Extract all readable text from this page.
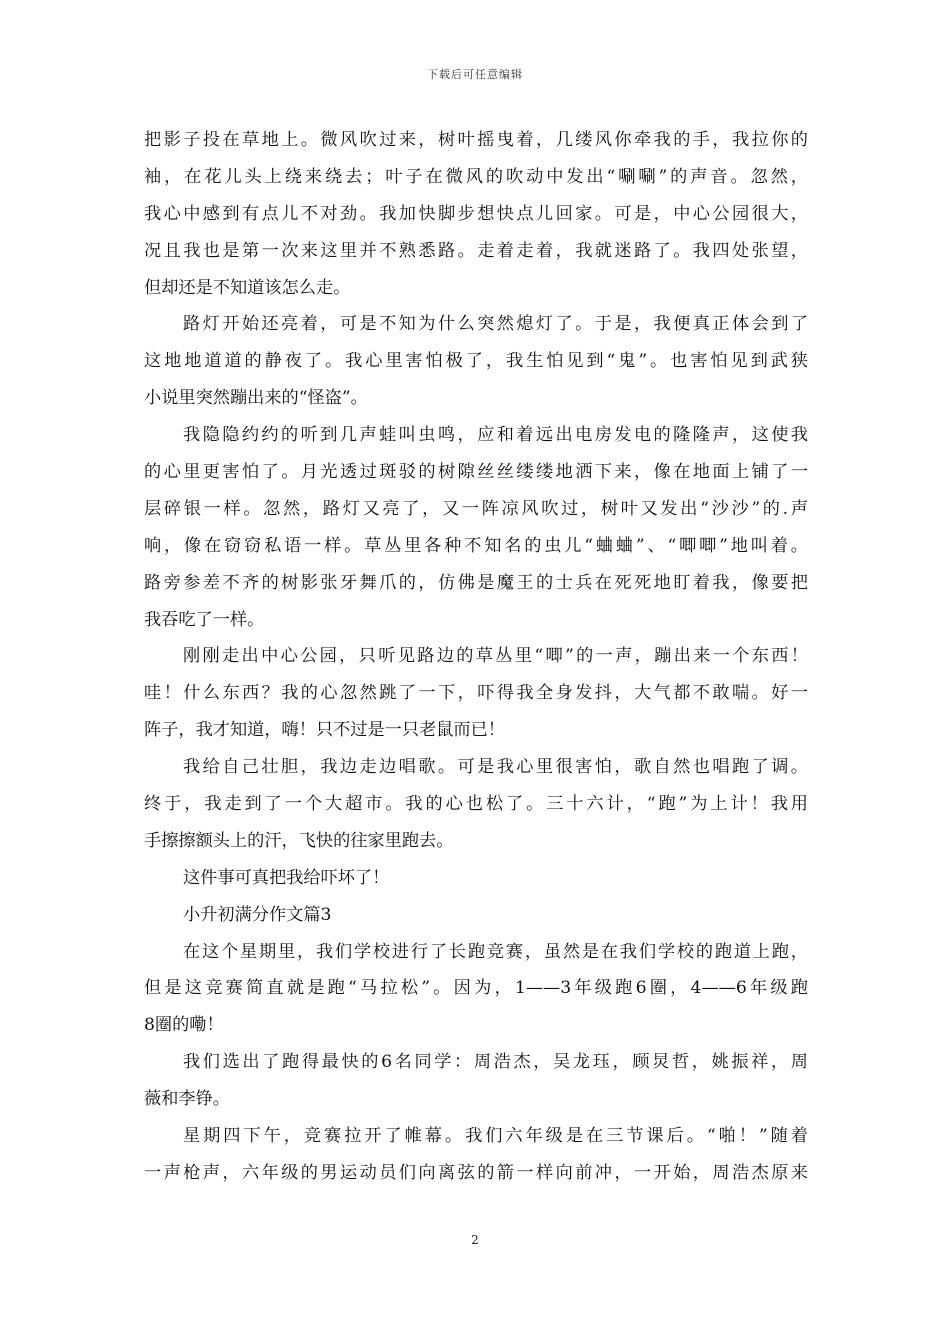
下载后可任意编辑
把影子投在草地上。微风吹过来，树叶摇曳着，几缕风你牵我的手，我拉你的
袖，在花儿头上绕来绕去；叶子在微风的吹动中发出“唰唰”的声音。忽然，
我心中感到有点儿不对劲。我加快脚步想快点儿回家。可是，中心公园很大，
况且我也是第一次来这里并不熟悉路。走着走着，我就迷路了。我四处张望，
但却还是不知道该怎么走。
路灯开始还亮着，可是不知为什么突然熄灯了。于是，我便真正体会到了
这地地道道的静夜了。我心里害怕极了，我生怕见到“鬼”。也害怕见到武狭
小说里突然蹦出来的“怪盗”。
我隐隐约约的听到几声蛙叫虫鸣，应和着远出电房发电的隆隆声，这使我
的心里更害怕了。月光透过斑驳的树隙丝丝缕缕地洒下来，像在地面上铺了一
层碎银一样。忽然，路灯又亮了，又一阵凉风吹过，树叶又发出“沙沙”的.声
响，像在窃窃私语一样。草丛里各种不知名的虫儿“蛐蛐”、“唧唧”地叫着。
路旁参差不齐的树影张牙舞爪的，仿佛是魔王的士兵在死死地盯着我，像要把
我吞吃了一样。
刚刚走出中心公园，只听见路边的草丛里“唧”的一声，蹦出来一个东西！
哇！什么东西？我的心忽然跳了一下，吓得我全身发抖，大气都不敢喘。好一
阵子，我才知道，嗨！只不过是一只老鼠而已！
我给自己壮胆，我边走边唱歌。可是我心里很害怕，歌自然也唱跑了调。
终于，我走到了一个大超市。我的心也松了。三十六计，“跑”为上计！我用
手擦擦额头上的汗，飞快的往家里跑去。
这件事可真把我给吓坏了！
小升初满分作文篇3
在这个星期里，我们学校进行了长跑竞赛，虽然是在我们学校的跑道上跑，
但是这竞赛简直就是跑“马拉松”。因为，1——3年级跑6圈，4——6年级跑
8圈的嘞！
我们选出了跑得最快的6名同学：周浩杰，吴龙珏，顾炅哲，姚振祥，周
薇和李铮。
星期四下午，竞赛拉开了帷幕。我们六年级是在三节课后。“啪！”随着
一声枪声，六年级的男运动员们向离弦的箭一样向前冲，一开始，周浩杰原来
2
